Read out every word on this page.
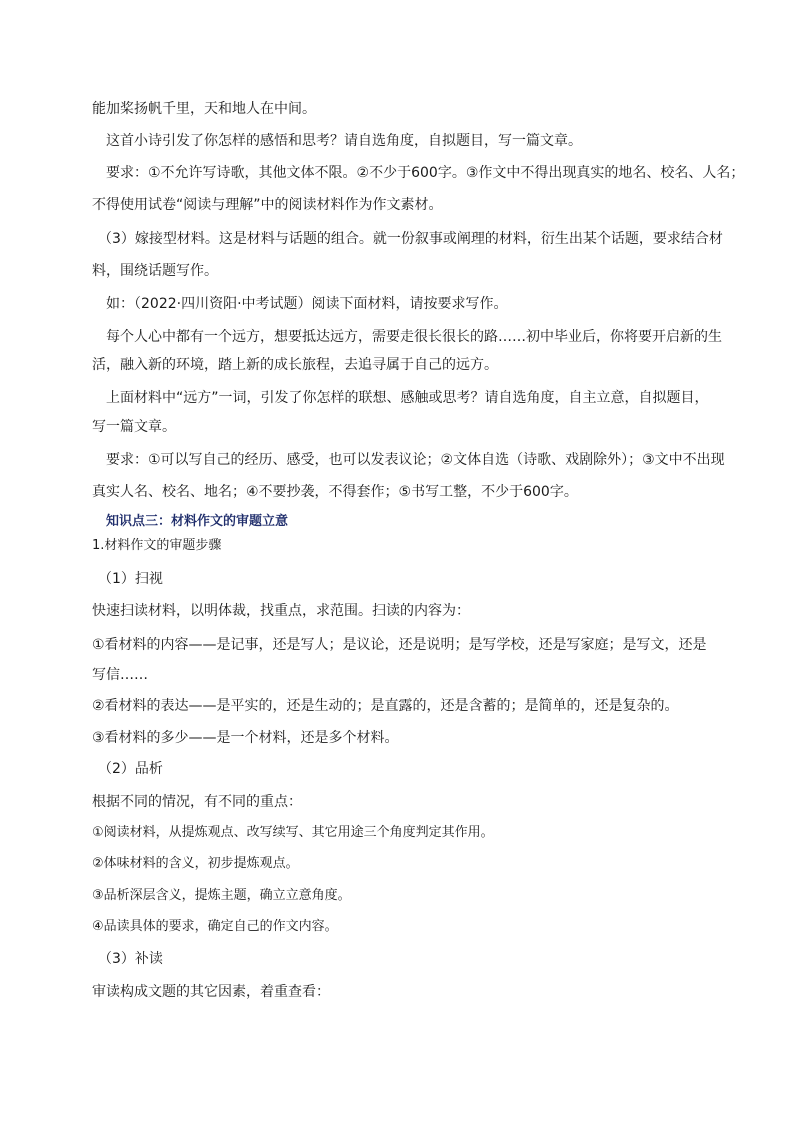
能加桨扬帆千里，天和地人在中间。

这首小诗引发了你怎样的感悟和思考？请自选角度，自拟题目，写一篇文章。

要求：①不允许写诗歌，其他文体不限。②不少于600字。③作文中不得出现真实的地名、校名、人名；

不得使用试卷“阅读与理解”中的阅读材料作为作文素材。

（3）嫁接型材料。这是材料与话题的组合。就一份叙事或阐理的材料，衍生出某个话题，要求结合材

料，围绕话题写作。

如：（2022·四川资阳·中考试题）阅读下面材料，请按要求写作。

每个人心中都有一个远方，想要抵达远方，需要走很长很长的路……初中毕业后，你将要开启新的生

活，融入新的环境，踏上新的成长旅程，去追寻属于自己的远方。

上面材料中“远方”一词，引发了你怎样的联想、感触或思考？请自选角度，自主立意，自拟题目，

写一篇文章。

要求：①可以写自己的经历、感受，也可以发表议论；②文体自选（诗歌、戏剧除外）；③文中不出现

真实人名、校名、地名；④不要抄袭，不得套作；⑤书写工整，不少于600字。

知识点三：材料作文的审题立意

1.材料作文的审题步骤

（1）扫视

快速扫读材料，以明体裁，找重点，求范围。扫读的内容为：

①看材料的内容——是记事，还是写人；是议论，还是说明；是写学校，还是写家庭；是写文，还是

写信……

②看材料的表达——是平实的，还是生动的；是直露的，还是含蓄的；是简单的，还是复杂的。

③看材料的多少——是一个材料，还是多个材料。

（2）品析

根据不同的情况，有不同的重点：

①阅读材料，从提炼观点、改写续写、其它用途三个角度判定其作用。

②体味材料的含义，初步提炼观点。

③品析深层含义，提炼主题，确立立意角度。

④品读具体的要求，确定自己的作文内容。

（3）补读

审读构成文题的其它因素，着重查看：
